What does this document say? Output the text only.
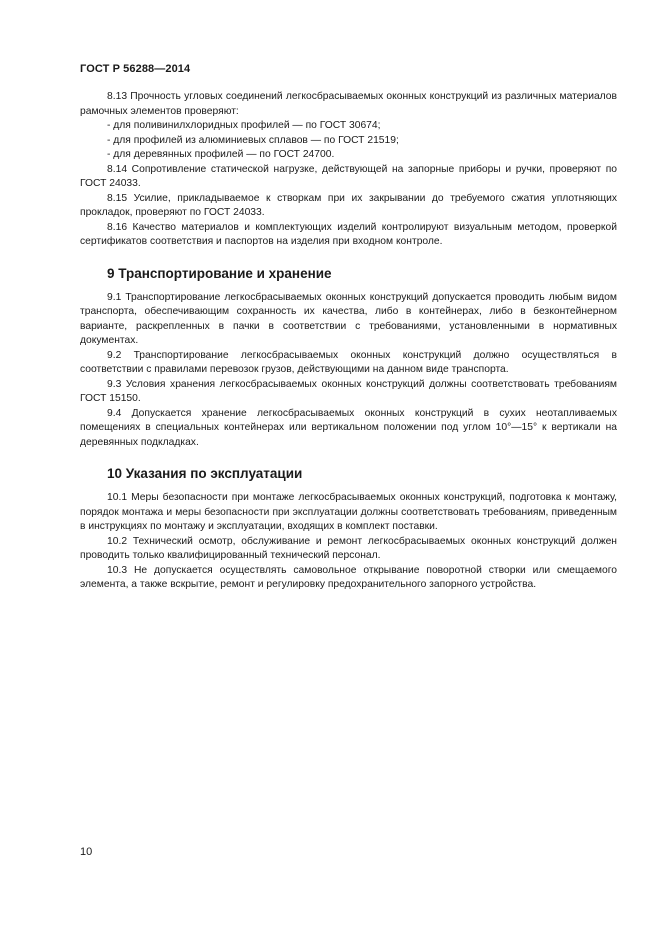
ГОСТ Р 56288—2014

8.13 Прочность угловых соединений легкосбрасываемых оконных конструкций из различных материалов рамочных элементов проверяют:

- для поливинилхлоридных профилей — по ГОСТ 30674;

- для профилей из алюминиевых сплавов — по ГОСТ 21519;

- для деревянных профилей — по ГОСТ 24700.

8.14 Сопротивление статической нагрузке, действующей на запорные приборы и ручки, проверяют по ГОСТ 24033.

8.15 Усилие, прикладываемое к створкам при их закрывании до требуемого сжатия уплотняющих прокладок, проверяют по ГОСТ 24033.

8.16 Качество материалов и комплектующих изделий контролируют визуальным методом, проверкой сертификатов соответствия и паспортов на изделия при входном контроле.

9 Транспортирование и хранение

9.1 Транспортирование легкосбрасываемых оконных конструкций допускается проводить любым видом транспорта, обеспечивающим сохранность их качества, либо в контейнерах, либо в безконтейнерном варианте, раскрепленных в пачки в соответствии с требованиями, установленными в нормативных документах.

9.2 Транспортирование легкосбрасываемых оконных конструкций должно осуществляться в соответствии с правилами перевозок грузов, действующими на данном виде транспорта.

9.3 Условия хранения легкосбрасываемых оконных конструкций должны соответствовать требованиям ГОСТ 15150.

9.4 Допускается хранение легкосбрасываемых оконных конструкций в сухих неотапливаемых помещениях в специальных контейнерах или вертикальном положении под углом 10°—15° к вертикали на деревянных подкладках.

10 Указания по эксплуатации

10.1 Меры безопасности при монтаже легкосбрасываемых оконных конструкций, подготовка к монтажу, порядок монтажа и меры безопасности при эксплуатации должны соответствовать требованиям, приведенным в инструкциях по монтажу и эксплуатации, входящих в комплект поставки.

10.2 Технический осмотр, обслуживание и ремонт легкосбрасываемых оконных конструкций должен проводить только квалифицированный технический персонал.

10.3 Не допускается осуществлять самовольное открывание поворотной створки или смещаемого элемента, а также вскрытие, ремонт и регулировку предохранительного запорного устройства.

10
